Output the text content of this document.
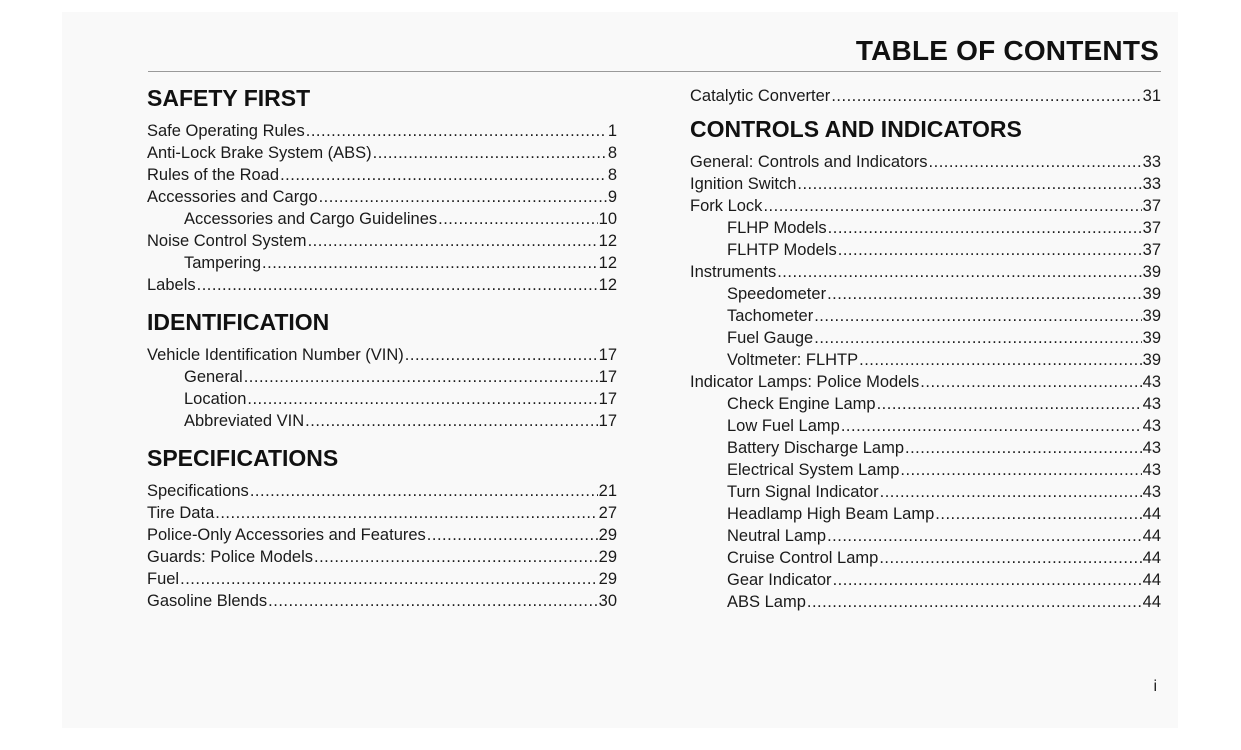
TABLE OF CONTENTS
SAFETY FIRST
Safe Operating Rules .....	1
Anti-Lock Brake System (ABS) .....	8
Rules of the Road .....	8
Accessories and Cargo .....	9
Accessories and Cargo Guidelines .....	10
Noise Control System .....	12
Tampering .....	12
Labels .....	12
IDENTIFICATION
Vehicle Identification Number (VIN) .....	17
General .....	17
Location .....	17
Abbreviated VIN .....	17
SPECIFICATIONS
Specifications .....	21
Tire Data .....	27
Police-Only Accessories and Features .....	29
Guards: Police Models .....	29
Fuel .....	29
Gasoline Blends .....	30
Catalytic Converter .....	31
CONTROLS AND INDICATORS
General: Controls and Indicators .....	33
Ignition Switch .....	33
Fork Lock .....	37
FLHP Models .....	37
FLHTP Models .....	37
Instruments .....	39
Speedometer .....	39
Tachometer .....	39
Fuel Gauge .....	39
Voltmeter: FLHTP .....	39
Indicator Lamps: Police Models .....	43
Check Engine Lamp .....	43
Low Fuel Lamp .....	43
Battery Discharge Lamp .....	43
Electrical System Lamp .....	43
Turn Signal Indicator .....	43
Headlamp High Beam Lamp .....	44
Neutral Lamp .....	44
Cruise Control Lamp .....	44
Gear Indicator .....	44
ABS Lamp .....	44
i
